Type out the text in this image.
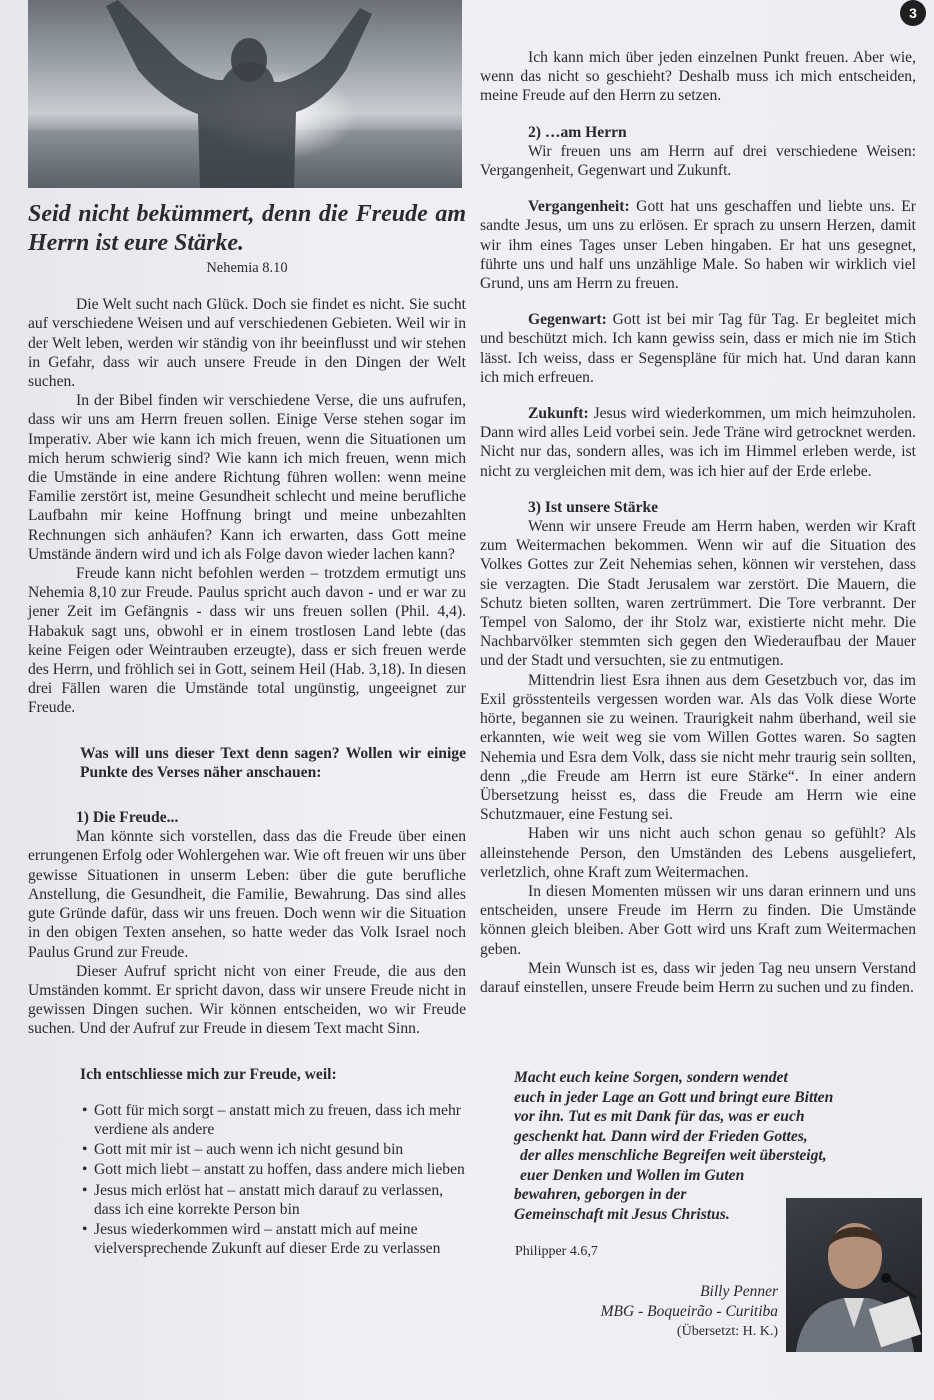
3

Seid nicht bekümmert, denn die Freude am Herrn ist eure Stärke.

Nehemia 8.10

Die Welt sucht nach Glück. Doch sie findet es nicht. Sie sucht auf verschiedene Weisen und auf verschiedenen Gebieten. Weil wir in der Welt leben, werden wir ständig von ihr beeinflusst und wir stehen in Gefahr, dass wir auch unsere Freude in den Dingen der Welt suchen.

In der Bibel finden wir verschiedene Verse, die uns aufrufen, dass wir uns am Herrn freuen sollen. Einige Verse stehen sogar im Imperativ. Aber wie kann ich mich freuen, wenn die Situationen um mich herum schwierig sind? Wie kann ich mich freuen, wenn mich die Umstände in eine andere Richtung führen wollen: wenn meine Familie zerstört ist, meine Gesundheit schlecht und meine berufliche Laufbahn mir keine Hoffnung bringt und meine unbezahlten Rechnungen sich anhäufen? Kann ich erwarten, dass Gott meine Umstände ändern wird und ich als Folge davon wieder lachen kann?

Freude kann nicht befohlen werden – trotzdem ermutigt uns Nehemia 8,10 zur Freude. Paulus spricht auch davon - und er war zu jener Zeit im Gefängnis - dass wir uns freuen sollen (Phil. 4,4). Habakuk sagt uns, obwohl er in einem trostlosen Land lebte (das keine Feigen oder Weintrauben erzeugte), dass er sich freuen werde des Herrn, und fröhlich sei in Gott, seinem Heil (Hab. 3,18). In diesen drei Fällen waren die Umstände total ungünstig, ungeeignet zur Freude.

Was will uns dieser Text denn sagen? Wollen wir einige Punkte des Verses näher anschauen:

1) Die Freude...

Man könnte sich vorstellen, dass das die Freude über einen errungenen Erfolg oder Wohlergehen war. Wie oft freuen wir uns über gewisse Situationen in unserm Leben: über die gute berufliche Anstellung, die Gesundheit, die Familie, Bewahrung. Das sind alles gute Gründe dafür, dass wir uns freuen. Doch wenn wir die Situation in den obigen Texten ansehen, so hatte weder das Volk Israel noch Paulus Grund zur Freude.

Dieser Aufruf spricht nicht von einer Freude, die aus den Umständen kommt. Er spricht davon, dass wir unsere Freude nicht in gewissen Dingen suchen. Wir können entscheiden, wo wir Freude suchen. Und der Aufruf zur Freude in diesem Text macht Sinn.

Ich entschliesse mich zur Freude, weil:

• Gott für mich sorgt – anstatt mich zu freuen, dass ich mehr verdiene als andere
• Gott mit mir ist – auch wenn ich nicht gesund bin
• Gott mich liebt – anstatt zu hoffen, dass andere mich lieben
• Jesus mich erlöst hat – anstatt mich darauf zu verlassen, dass ich eine korrekte Person bin
• Jesus wiederkommen wird – anstatt mich auf meine vielversprechende Zukunft auf dieser Erde zu verlassen

Ich kann mich über jeden einzelnen Punkt freuen. Aber wie, wenn das nicht so geschieht? Deshalb muss ich mich entscheiden, meine Freude auf den Herrn zu setzen.

2) …am Herrn

Wir freuen uns am Herrn auf drei verschiedene Weisen: Vergangenheit, Gegenwart und Zukunft.

Vergangenheit: Gott hat uns geschaffen und liebte uns. Er sandte Jesus, um uns zu erlösen. Er sprach zu unsern Herzen, damit wir ihm eines Tages unser Leben hingaben. Er hat uns gesegnet, führte uns und half uns unzählige Male. So haben wir wirklich viel Grund, uns am Herrn zu freuen.

Gegenwart: Gott ist bei mir Tag für Tag. Er begleitet mich und beschützt mich. Ich kann gewiss sein, dass er mich nie im Stich lässt. Ich weiss, dass er Segenspläne für mich hat. Und daran kann ich mich erfreuen.

Zukunft: Jesus wird wiederkommen, um mich heimzuholen. Dann wird alles Leid vorbei sein. Jede Träne wird getrocknet werden. Nicht nur das, sondern alles, was ich im Himmel erleben werde, ist nicht zu vergleichen mit dem, was ich hier auf der Erde erlebe.

3) Ist unsere Stärke

Wenn wir unsere Freude am Herrn haben, werden wir Kraft zum Weitermachen bekommen. Wenn wir auf die Situation des Volkes Gottes zur Zeit Nehemias sehen, können wir verstehen, dass sie verzagten. Die Stadt Jerusalem war zerstört. Die Mauern, die Schutz bieten sollten, waren zertrümmert. Die Tore verbrannt. Der Tempel von Salomo, der ihr Stolz war, existierte nicht mehr. Die Nachbarvölker stemmten sich gegen den Wiederaufbau der Mauer und der Stadt und versuchten, sie zu entmutigen.

Mittendrin liest Esra ihnen aus dem Gesetzbuch vor, das im Exil grösstenteils vergessen worden war. Als das Volk diese Worte hörte, begannen sie zu weinen. Traurigkeit nahm überhand, weil sie erkannten, wie weit weg sie vom Willen Gottes waren. So sagten Nehemia und Esra dem Volk, dass sie nicht mehr traurig sein sollten, denn „die Freude am Herrn ist eure Stärke“. In einer andern Übersetzung heisst es, dass die Freude am Herrn wie eine Schutzmauer, eine Festung sei.

Haben wir uns nicht auch schon genau so gefühlt? Als alleinstehende Person, den Umständen des Lebens ausgeliefert, verletzlich, ohne Kraft zum Weitermachen.

In diesen Momenten müssen wir uns daran erinnern und uns entscheiden, unsere Freude im Herrn zu finden. Die Umstände können gleich bleiben. Aber Gott wird uns Kraft zum Weitermachen geben.

Mein Wunsch ist es, dass wir jeden Tag neu unsern Verstand darauf einstellen, unsere Freude beim Herrn zu suchen und zu finden.

Macht euch keine Sorgen, sondern wendet
euch in jeder Lage an Gott und bringt eure Bitten
vor ihn. Tut es mit Dank für das, was er euch
geschenkt hat. Dann wird der Frieden Gottes,
der alles menschliche Begreifen weit übersteigt,
euer Denken und Wollen im Guten
bewahren, geborgen in der
Gemeinschaft mit Jesus Christus.
Philipper 4.6,7
Billy Penner
MBG - Boqueirão - Curitiba
(Übersetzt: H. K.)
